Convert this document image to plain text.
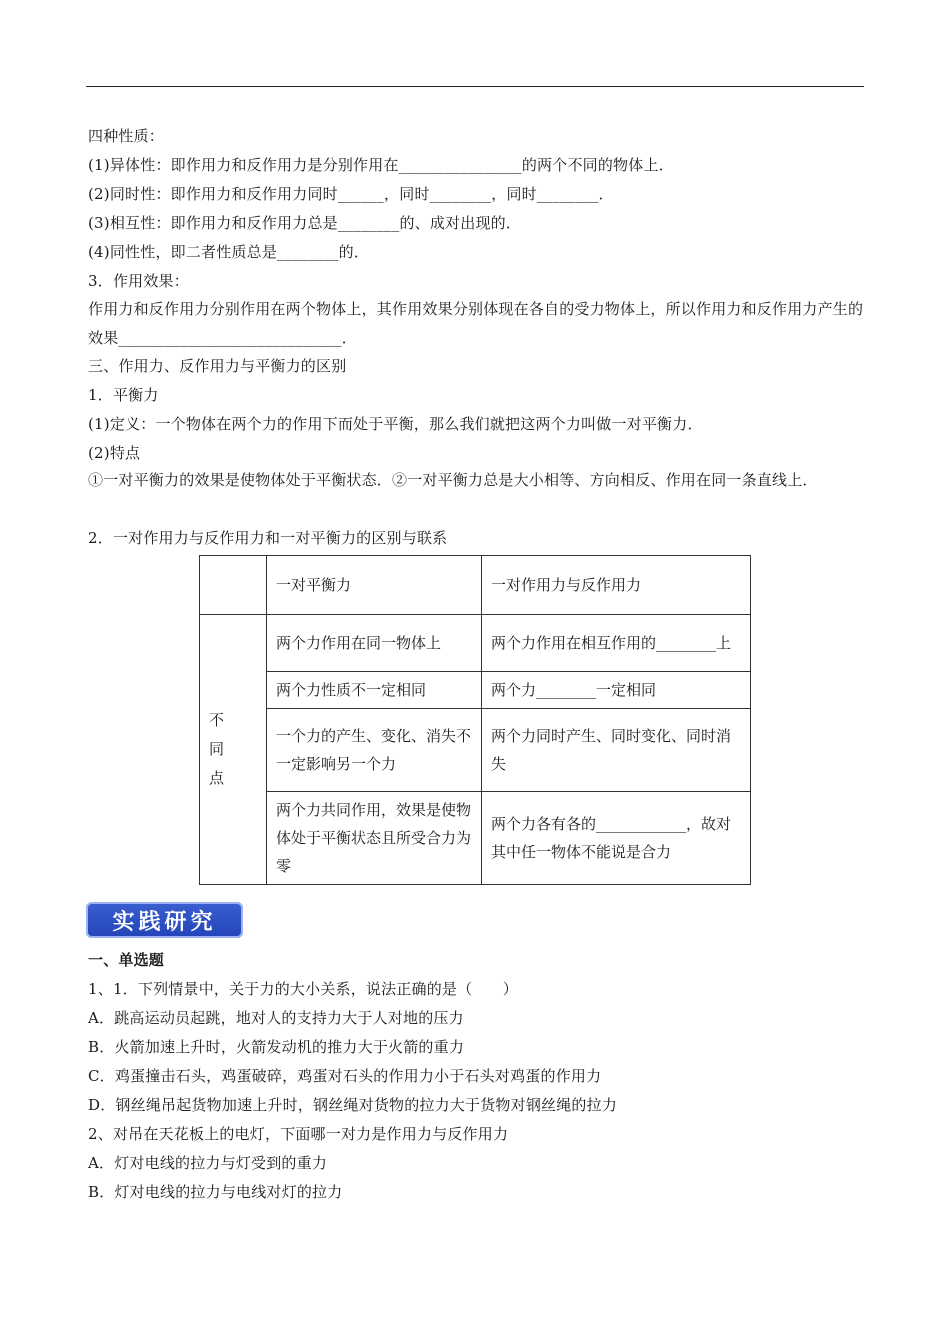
四种性质：
(1)异体性：即作用力和反作用力是分别作用在________________的两个不同的物体上．
(2)同时性：即作用力和反作用力同时______，同时________，同时________．
(3)相互性：即作用力和反作用力总是________的、成对出现的．
(4)同性性，即二者性质总是________的．
3．作用效果：
作用力和反作用力分别作用在两个物体上，其作用效果分别体现在各自的受力物体上，所以作用力和反作用力产生的效果_____________________________．
三、作用力、反作用力与平衡力的区别
1．平衡力
(1)定义：一个物体在两个力的作用下而处于平衡，那么我们就把这两个力叫做一对平衡力．
(2)特点
①一对平衡力的效果是使物体处于平衡状态．②一对平衡力总是大小相等、方向相反、作用在同一条直线上．
2．一对作用力与反作用力和一对平衡力的区别与联系
	一对平衡力	一对作用力与反作用力

不同点	两个力作用在同一物体上	两个力作用在相互作用的________上
	两个力性质不一定相同	两个力________一定相同
	一个力的产生、变化、消失不一定影响另一个力	两个力同时产生、同时变化、同时消失
	两个力共同作用，效果是使物体处于平衡状态且所受合力为零	两个力各有各的____________，故对其中任一物体不能说是合力
实践研究
一、单选题
1、1．下列情景中，关于力的大小关系，说法正确的是（　　）
A．跳高运动员起跳，地对人的支持力大于人对地的压力
B．火箭加速上升时，火箭发动机的推力大于火箭的重力
C．鸡蛋撞击石头，鸡蛋破碎，鸡蛋对石头的作用力小于石头对鸡蛋的作用力
D．钢丝绳吊起货物加速上升时，钢丝绳对货物的拉力大于货物对钢丝绳的拉力
2、对吊在天花板上的电灯，下面哪一对力是作用力与反作用力
A．灯对电线的拉力与灯受到的重力
B．灯对电线的拉力与电线对灯的拉力
